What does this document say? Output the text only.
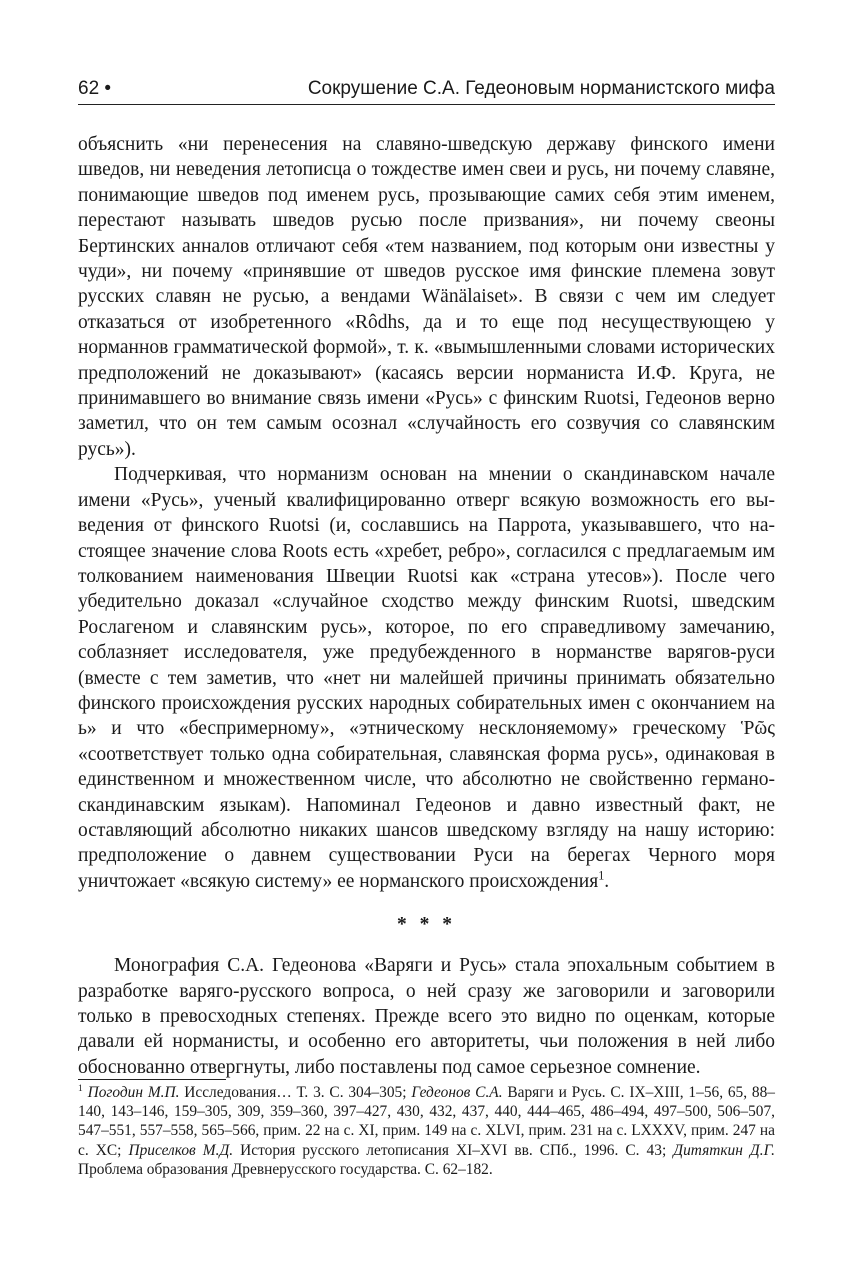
62 •	Сокрушение С.А. Гедеоновым норманистского мифа

объяснить «ни перенесения на славяно-шведскую державу финского имени шведов, ни неведения летописца о тождестве имен свеи и русь, ни почему славяне, понимающие шведов под именем русь, прозывающие самих себя этим именем, перестают называть шведов русью после призвания», ни почему свеоны Бертинских анналов отличают себя «тем названием, под которым они известны у чуди», ни почему «принявшие от шведов русское имя финские племена зовут русских славян не русью, а вендами Wänälaiset». В связи с чем им следует отказаться от изобретенного «Rôdhs, да и то еще под несуществующею у норманнов грамматической формой», т. к. «вымышленными словами исторических предположений не доказывают» (касаясь версии норманиста И.Ф. Круга, не принимавшего во внимание связь имени «Русь» с финским Ruotsi, Гедеонов верно заметил, что он тем самым осознал «случайность его созвучия со славянским русь»).

Подчеркивая, что норманизм основан на мнении о скандинавском начале имени «Русь», ученый квалифицированно отверг всякую возможность его выведения от финского Ruotsi (и, сославшись на Паррота, указывавшего, что настоящее значение слова Roots есть «хребет, ребро», согласился с предлагаемым им толкованием наименования Швеции Ruotsi как «страна утесов»). После чего убедительно доказал «случайное сходство между финским Ruotsi, шведским Рослагеном и славянским русь», которое, по его справедливому замечанию, соблазняет исследователя, уже предубежденного в норманстве варягов-руси (вместе с тем заметив, что «нет ни малейшей причины принимать обязательно финского происхождения русских народных собирательных имен с окончанием на ь» и что «беспримерному», «этническому несклоняемому» греческому Ῥῶς «соответствует только одна собирательная, славянская форма русь», одинаковая в единственном и множественном числе, что абсолютно не свойственно германо-скандинавским языкам). Напоминал Гедеонов и давно известный факт, не оставляющий абсолютно никаких шансов шведскому взгляду на нашу историю: предположение о давнем существовании Руси на берегах Черного моря уничтожает «всякую систему» ее норманского происхождения$^1$.

* * *

Монография С.А. Гедеонова «Варяги и Русь» стала эпохальным событием в разработке варяго-русского вопроса, о ней сразу же заговорили и заговорили только в превосходных степенях. Прежде всего это видно по оценкам, которые давали ей норманисты, и особенно его авторитеты, чьи положения в ней либо обоснованно отвергнуты, либо поставлены под самое серьезное сомнение.

$^1$ Погодин М.П. Исследования… Т. 3. С. 304–305; Гедеонов С.А. Варяги и Русь. С. IX–XIII, 1–56, 65, 88–140, 143–146, 159–305, 309, 359–360, 397–427, 430, 432, 437, 440, 444–465, 486–494, 497–500, 506–507, 547–551, 557–558, 565–566, прим. 22 на с. XI, прим. 149 на с. XLVI, прим. 231 на с. LXXXV, прим. 247 на с. XC; Приселков М.Д. История русского летописания XI–XVI вв. СПб., 1996. С. 43; Дитяткин Д.Г. Проблема образования Древнерусского государства. С. 62–182.
